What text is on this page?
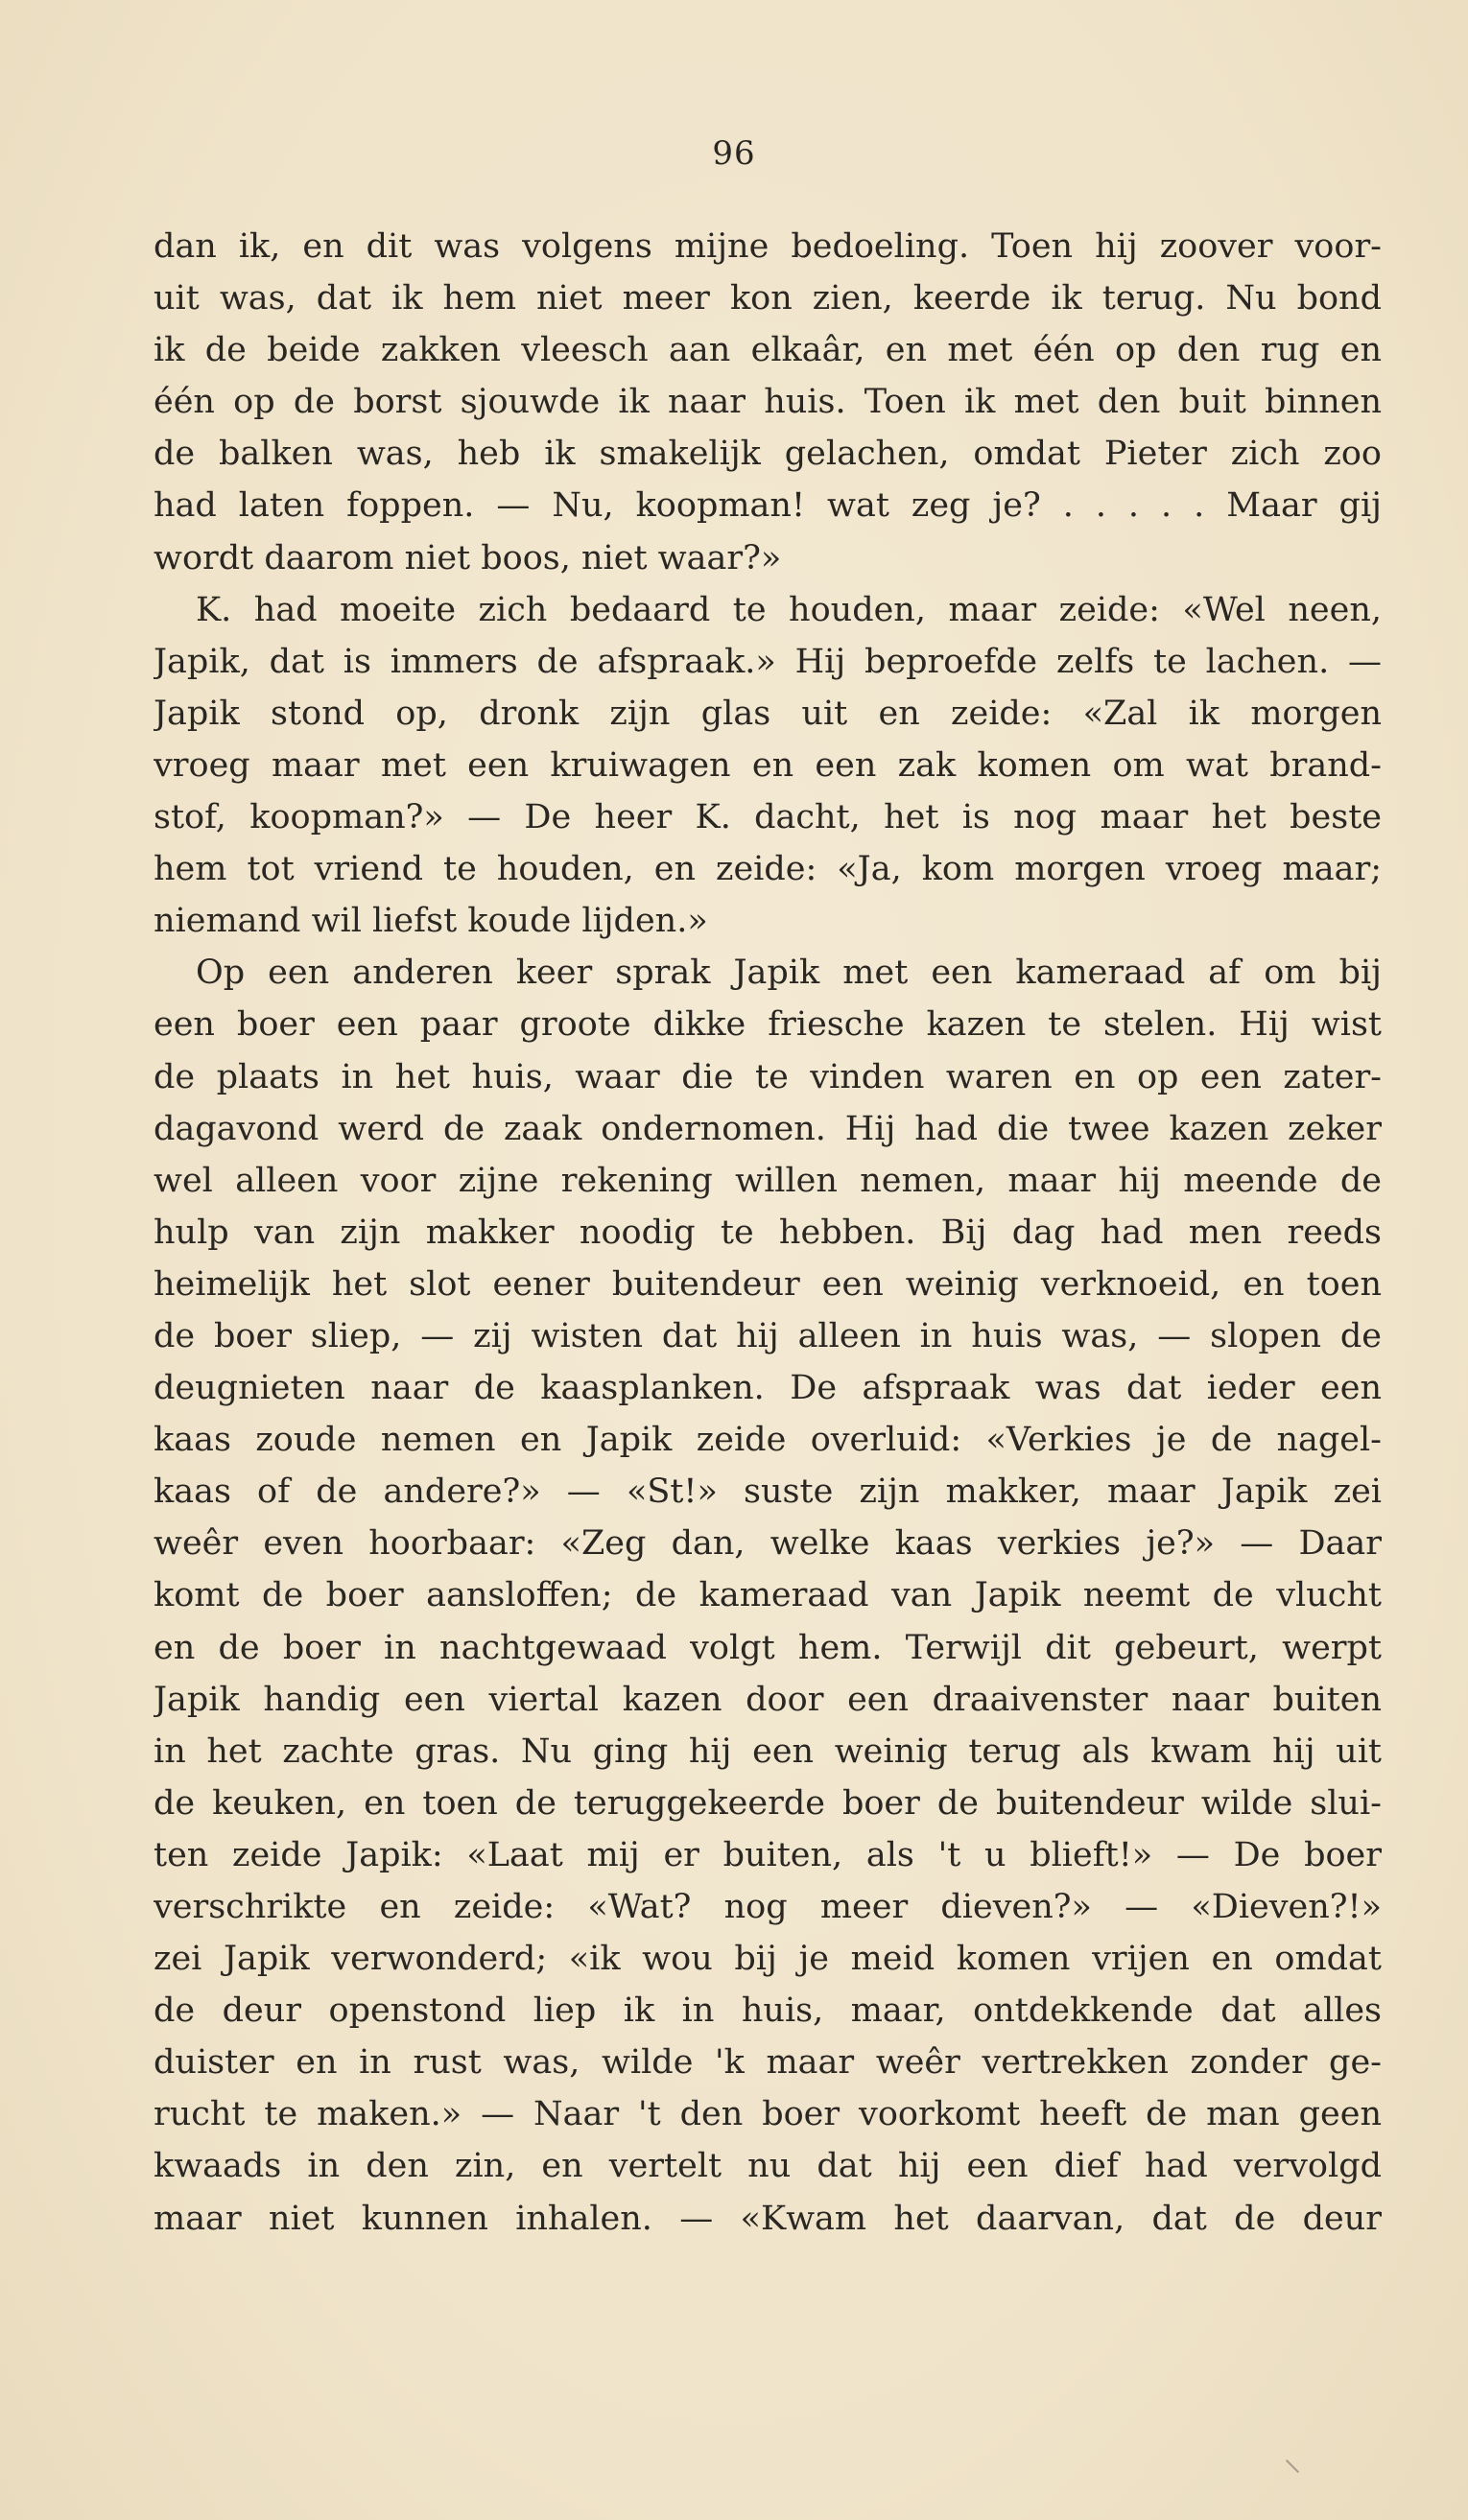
96
dan ik, en dit was volgens mijne bedoeling. Toen hij zoover voor-
uit was, dat ik hem niet meer kon zien, keerde ik terug. Nu bond
ik de beide zakken vleesch aan elkaâr, en met één op den rug en
één op de borst sjouwde ik naar huis. Toen ik met den buit binnen
de balken was, heb ik smakelijk gelachen, omdat Pieter zich zoo
had laten foppen. — Nu, koopman! wat zeg je? . . . . . Maar gij
wordt daarom niet boos, niet waar?»
K. had moeite zich bedaard te houden, maar zeide: «Wel neen,
Japik, dat is immers de afspraak.» Hij beproefde zelfs te lachen. —
Japik stond op, dronk zijn glas uit en zeide: «Zal ik morgen
vroeg maar met een kruiwagen en een zak komen om wat brand-
stof, koopman?» — De heer K. dacht, het is nog maar het beste
hem tot vriend te houden, en zeide: «Ja, kom morgen vroeg maar;
niemand wil liefst koude lijden.»
Op een anderen keer sprak Japik met een kameraad af om bij
een boer een paar groote dikke friesche kazen te stelen. Hij wist
de plaats in het huis, waar die te vinden waren en op een zater-
dagavond werd de zaak ondernomen. Hij had die twee kazen zeker
wel alleen voor zijne rekening willen nemen, maar hij meende de
hulp van zijn makker noodig te hebben. Bij dag had men reeds
heimelijk het slot eener buitendeur een weinig verknoeid, en toen
de boer sliep, — zij wisten dat hij alleen in huis was, — slopen de
deugnieten naar de kaasplanken. De afspraak was dat ieder een
kaas zoude nemen en Japik zeide overluid: «Verkies je de nagel-
kaas of de andere?» — «St!» suste zijn makker, maar Japik zei
weêr even hoorbaar: «Zeg dan, welke kaas verkies je?» — Daar
komt de boer aansloffen; de kameraad van Japik neemt de vlucht
en de boer in nachtgewaad volgt hem. Terwijl dit gebeurt, werpt
Japik handig een viertal kazen door een draaivenster naar buiten
in het zachte gras. Nu ging hij een weinig terug als kwam hij uit
de keuken, en toen de teruggekeerde boer de buitendeur wilde slui-
ten zeide Japik: «Laat mij er buiten, als 't u blieft!» — De boer
verschrikte en zeide: «Wat? nog meer dieven?» — «Dieven?!»
zei Japik verwonderd; «ik wou bij je meid komen vrijen en omdat
de deur openstond liep ik in huis, maar, ontdekkende dat alles
duister en in rust was, wilde 'k maar weêr vertrekken zonder ge-
rucht te maken.» — Naar 't den boer voorkomt heeft de man geen
kwaads in den zin, en vertelt nu dat hij een dief had vervolgd
maar niet kunnen inhalen. — «Kwam het daarvan, dat de deur
